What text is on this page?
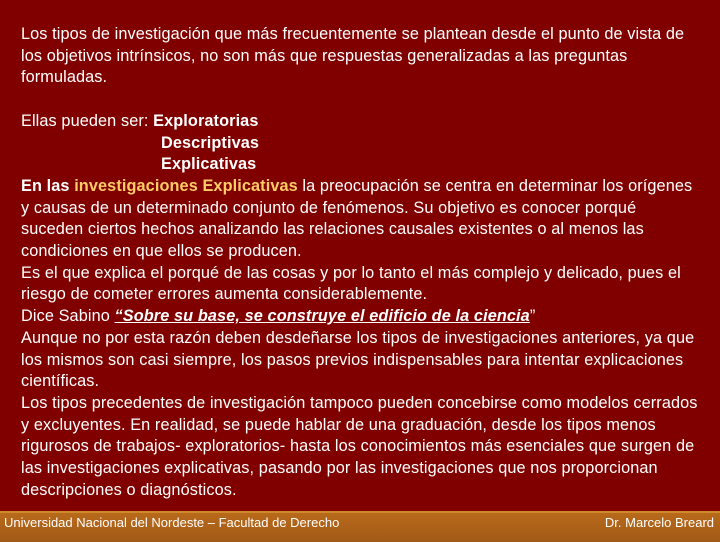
Los tipos de investigación que más frecuentemente se plantean desde el punto de vista de los objetivos intrínsicos, no son más que respuestas generalizadas a las preguntas formuladas.

Ellas pueden ser: Exploratorias
Descriptivas
Explicativas

En las investigaciones Explicativas la preocupación se centra en determinar los orígenes y causas de un determinado conjunto de fenómenos. Su objetivo es conocer porqué suceden ciertos hechos analizando las relaciones causales existentes o al menos las condiciones en que ellos se producen.

Es el que explica el porqué de las cosas y por lo tanto el más complejo y delicado, pues el riesgo de cometer errores aumenta considerablemente.

Dice Sabino “Sobre su base, se construye el edificio de la ciencia”

Aunque no por esta razón deben desdeñarse los tipos de investigaciones anteriores, ya que los mismos son casi siempre, los pasos previos indispensables para intentar explicaciones científicas.

Los tipos precedentes de investigación tampoco pueden concebirse como modelos cerrados y excluyentes. En realidad, se puede hablar de una graduación, desde los tipos menos rigurosos de trabajos- exploratorios- hasta los conocimientos más esenciales que surgen de las investigaciones explicativas, pasando por las investigaciones que nos proporcionan descripciones o diagnósticos.

Universidad Nacional del Nordeste – Facultad de Derecho	Dr. Marcelo Breard
